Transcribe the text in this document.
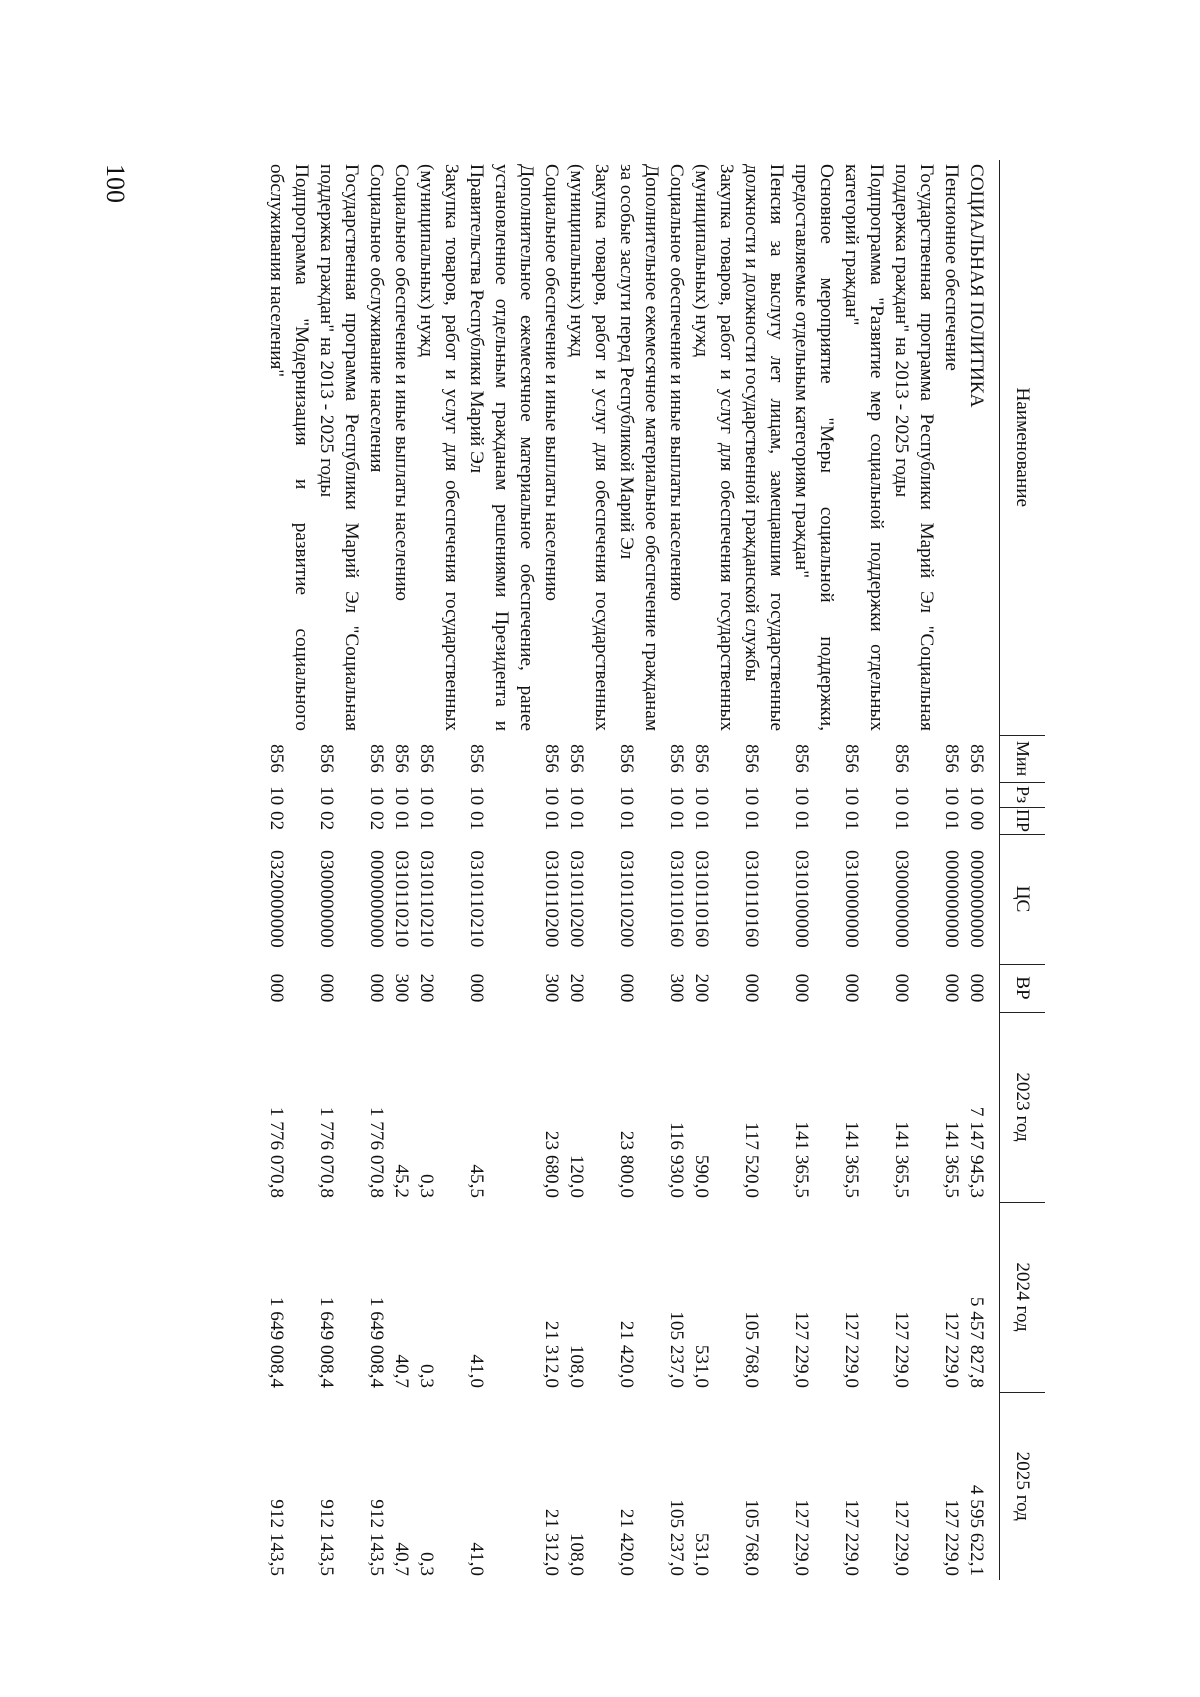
100
Наименование	Мин	Рз	ПР	ЦС	ВР	2023 год	2024 год	2025 год
СОЦИАЛЬНАЯ ПОЛИТИКА	856	10	00	0000000000	000	7 147 945,3	5 457 827,8	4 595 622,1
Пенсионное обеспечение	856	10	01	0000000000	000	141 365,5	127 229,0	127 229,0
Государственная программа Республики Марий Эл "Социальная поддержка граждан" на 2013 - 2025 годы	856	10	01	0300000000	000	141 365,5	127 229,0	127 229,0
Подпрограмма "Развитие мер социальной поддержки отдельных категорий граждан"	856	10	01	0310000000	000	141 365,5	127 229,0	127 229,0
Основное мероприятие "Меры социальной поддержки, предоставляемые отдельным категориям граждан"	856	10	01	0310100000	000	141 365,5	127 229,0	127 229,0
Пенсия за выслугу лет лицам, замещавшим государственные должности и должности государственной гражданской службы	856	10	01	0310110160	000	117 520,0	105 768,0	105 768,0
Закупка товаров, работ и услуг для обеспечения государственных (муниципальных) нужд	856	10	01	0310110160	200	590,0	531,0	531,0
Социальное обеспечение и иные выплаты населению	856	10	01	0310110160	300	116 930,0	105 237,0	105 237,0
Дополнительное ежемесячное материальное обеспечение гражданам за особые заслуги перед Республикой Марий Эл	856	10	01	0310110200	000	23 800,0	21 420,0	21 420,0
Закупка товаров, работ и услуг для обеспечения государственных (муниципальных) нужд	856	10	01	0310110200	200	120,0	108,0	108,0
Социальное обеспечение и иные выплаты населению	856	10	01	0310110200	300	23 680,0	21 312,0	21 312,0
Дополнительное ежемесячное материальное обеспечение, ранее установленное отдельным гражданам решениями Президента и Правительства Республики Марий Эл	856	10	01	0310110210	000	45,5	41,0	41,0
Закупка товаров, работ и услуг для обеспечения государственных (муниципальных) нужд	856	10	01	0310110210	200	0,3	0,3	0,3
Социальное обеспечение и иные выплаты населению	856	10	01	0310110210	300	45,2	40,7	40,7
Социальное обслуживание населения	856	10	02	0000000000	000	1 776 070,8	1 649 008,4	912 143,5
Государственная программа Республики Марий Эл "Социальная поддержка граждан" на 2013 - 2025 годы	856	10	02	0300000000	000	1 776 070,8	1 649 008,4	912 143,5
Подпрограмма "Модернизация и развитие социального обслуживания населения"	856	10	02	0320000000	000	1 776 070,8	1 649 008,4	912 143,5
